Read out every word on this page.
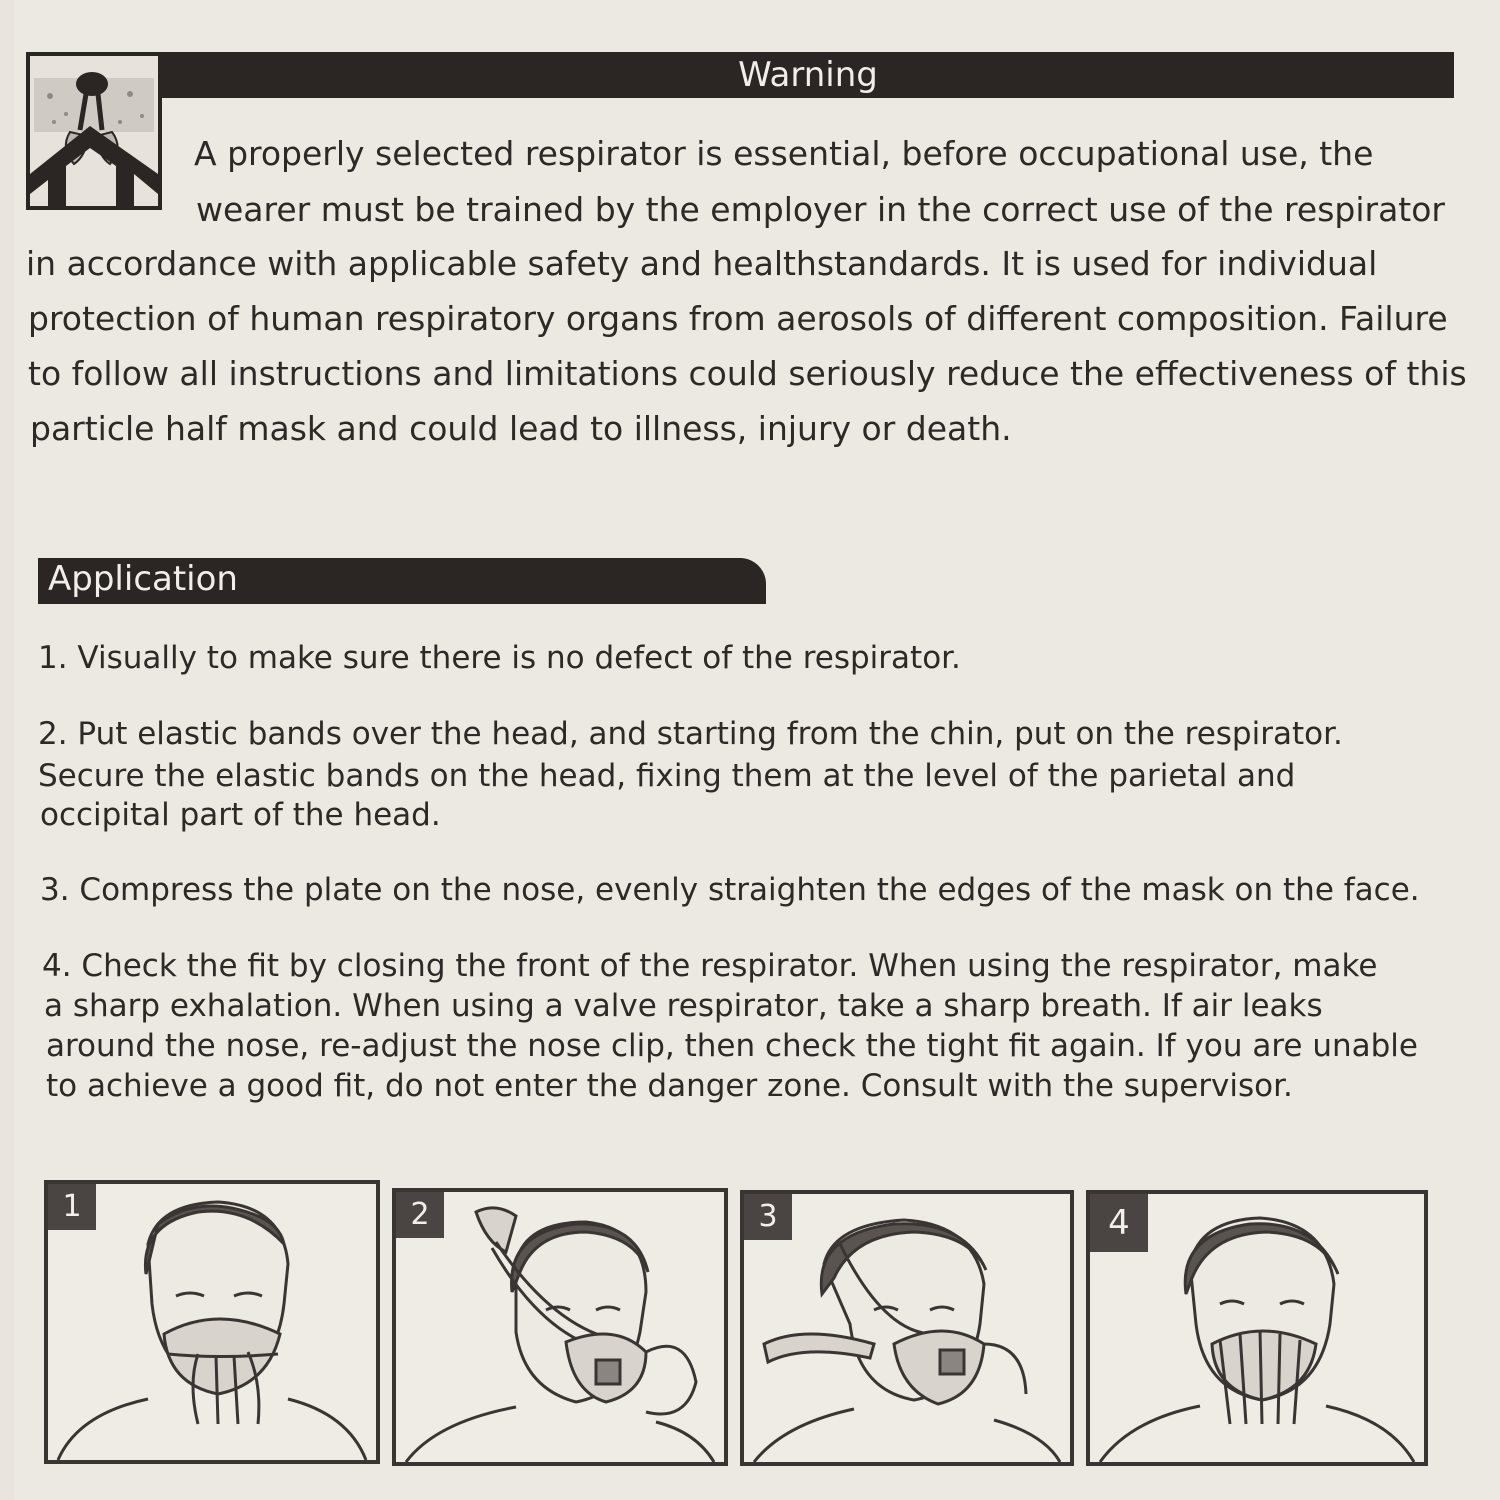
Warning
A properly selected respirator is essential, before occupational use, the
wearer must be trained by the employer in the correct use of the respirator
in accordance with applicable safety and healthstandards. It is used for individual
protection of human respiratory organs from aerosols of different composition. Failure
to follow all instructions and limitations could seriously reduce the effectiveness of this
particle half mask and could lead to illness, injury or death.
Application
1. Visually to make sure there is no defect of the respirator.
2. Put elastic bands over the head, and starting from the chin, put on the respirator.
Secure the elastic bands on the head, fixing them at the level of the parietal and
occipital part of the head.
3. Compress the plate on the nose, evenly straighten the edges of the mask on the face.
4. Check the fit by closing the front of the respirator. When using the respirator, make
a sharp exhalation. When using a valve respirator, take a sharp breath. If air leaks
around the nose, re-adjust the nose clip, then check the tight fit again. If you are unable
to achieve a good fit, do not enter the danger zone. Consult with the supervisor.
1	2	3	4
